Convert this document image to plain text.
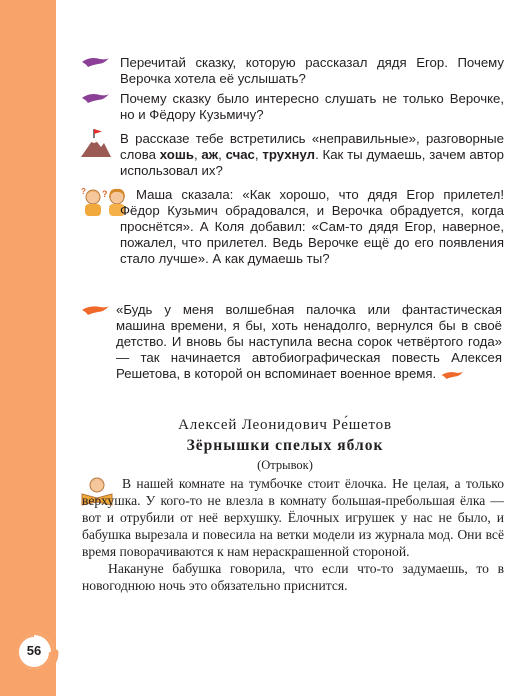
56

Перечитай сказку, которую рассказал дядя Егор. Почему Верочка хотела её услышать?

Почему сказку было интересно слушать не только Верочке, но и Фёдору Кузьмичу?

В рассказе тебе встретились «неправильные», разговорные слова хошь, аж, счас, трухнул. Как ты думаешь, зачем автор использовал их?

?
?	Маша сказала: «Как хорошо, что дядя Егор прилетел! Фёдор Кузьмич обрадовался, и Верочка обрадуется, когда проснётся». А Коля добавил: «Сам-то дядя Егор, наверное, пожалел, что прилетел. Ведь Верочке ещё до его появления стало лучше». А как думаешь ты?

«Будь у меня волшебная палочка или фантастическая машина времени, я бы, хоть ненадолго, вернулся бы в своё детство. И вновь бы наступила весна сорок четвёртого года» — так начинается автобиографическая повесть Алексея Решетова, в которой он вспоминает военное время.

Алексей Леонидович Ре́шетов
Зёрнышки спелых яблок
(Отрывок)

В нашей комнате на тумбочке стоит ёлочка. Не целая, а только верхушка. У кого-то не влезла в комнату большая-пребольшая ёлка — вот и отрубили от неё верхушку. Ёлочных игрушек у нас не было, и бабушка вырезала и повесила на ветки модели из журнала мод. Они всё время поворачиваются к нам нераскрашенной стороной.

Накануне бабушка говорила, что если что-то задумаешь, то в новогоднюю ночь это обязательно приснится.
